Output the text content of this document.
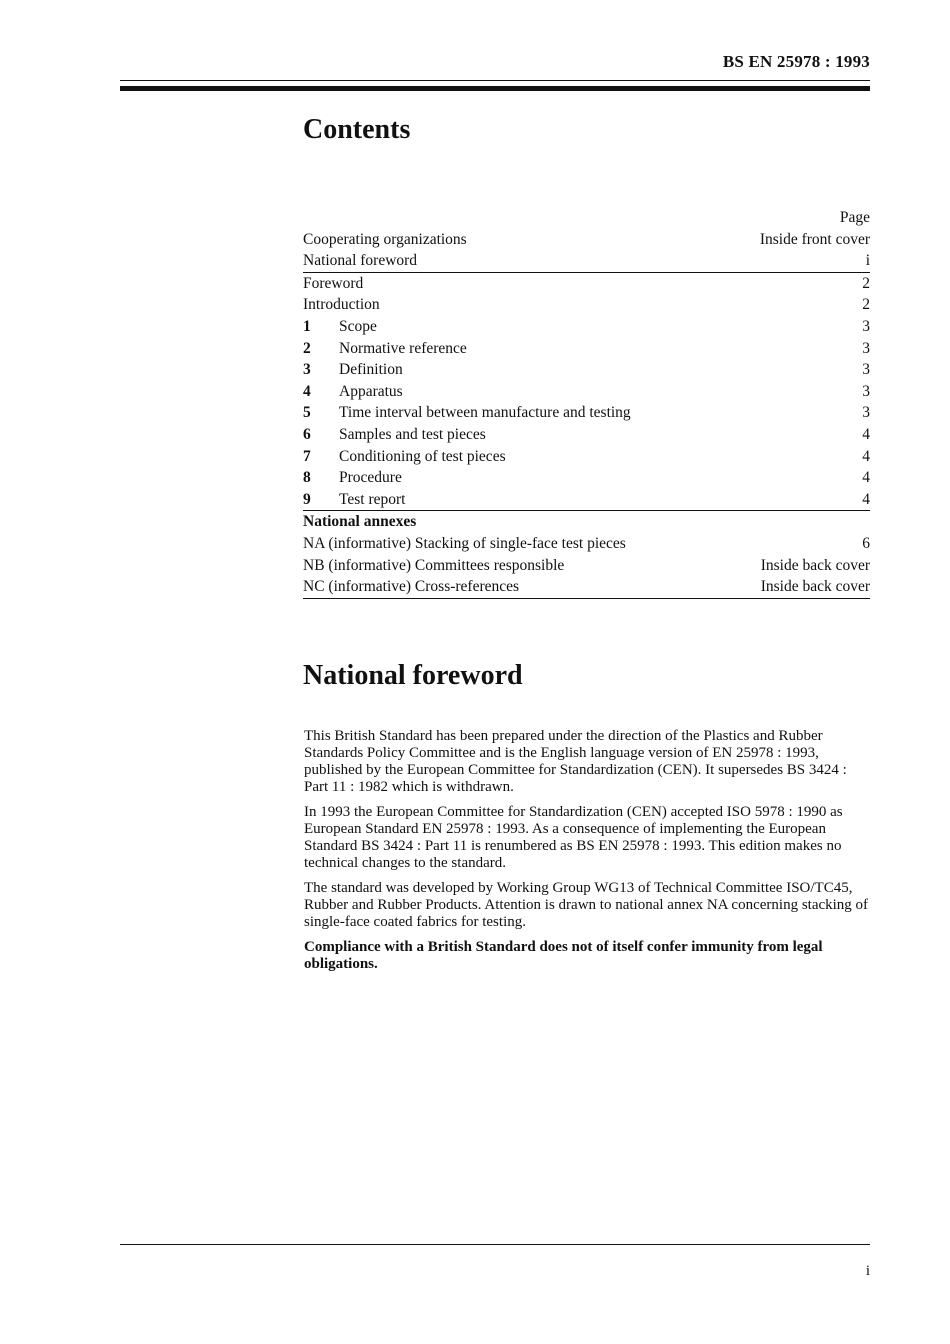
BS EN 25978 : 1993
Contents
Page
Cooperating organizations	Inside front cover
National foreword	i
Foreword	2
Introduction	2
1	Scope	3
2	Normative reference	3
3	Definition	3
4	Apparatus	3
5	Time interval between manufacture and testing	3
6	Samples and test pieces	4
7	Conditioning of test pieces	4
8	Procedure	4
9	Test report	4
National annexes
NA (informative) Stacking of single-face test pieces	6
NB (informative) Committees responsible	Inside back cover
NC (informative) Cross-references	Inside back cover
National foreword

This British Standard has been prepared under the direction of the Plastics and Rubber Standards Policy Committee and is the English language version of EN 25978 : 1993, published by the European Committee for Standardization (CEN). It supersedes BS 3424 : Part 11 : 1982 which is withdrawn.

In 1993 the European Committee for Standardization (CEN) accepted ISO 5978 : 1990 as European Standard EN 25978 : 1993. As a consequence of implementing the European Standard BS 3424 : Part 11 is renumbered as BS EN 25978 : 1993. This edition makes no technical changes to the standard.

The standard was developed by Working Group WG13 of Technical Committee ISO/TC45, Rubber and Rubber Products. Attention is drawn to national annex NA concerning stacking of single-face coated fabrics for testing.

Compliance with a British Standard does not of itself confer immunity from legal obligations.

i
